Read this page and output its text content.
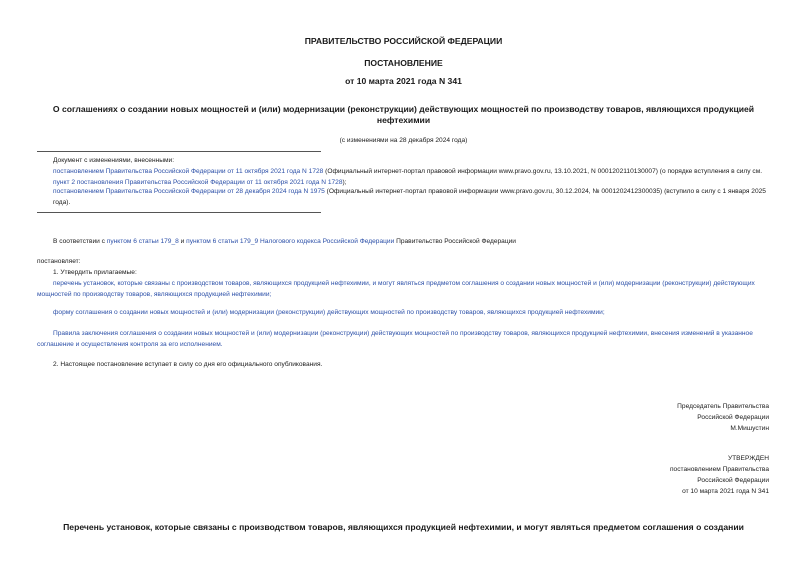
ПРАВИТЕЛЬСТВО РОССИЙСКОЙ ФЕДЕРАЦИИ
ПОСТАНОВЛЕНИЕ
от 10 марта 2021 года N 341
О соглашениях о создании новых мощностей и (или) модернизации (реконструкции) действующих мощностей по производству товаров, являющихся продукцией нефтехимии
(с изменениями на 28 декабря 2024 года)
Документ с изменениями, внесенными:
постановлением Правительства Российской Федерации от 11 октября 2021 года N 1728 (Официальный интернет-портал правовой информации www.pravo.gov.ru, 13.10.2021, N 0001202110130007) (о порядке вступления в силу см. пункт 2 постановления Правительства Российской Федерации от 11 октября 2021 года N 1728);
постановлением Правительства Российской Федерации от 28 декабря 2024 года N 1975 (Официальный интернет-портал правовой информации www.pravo.gov.ru, 30.12.2024, № 0001202412300035) (вступило в силу с 1 января 2025 года).
В соответствии с пунктом 6 статьи 179_8 и пунктом 6 статьи 179_9 Налогового кодекса Российской Федерации Правительство Российской Федерации
постановляет:
1. Утвердить прилагаемые:
перечень установок, которые связаны с производством товаров, являющихся продукцией нефтехимии, и могут являться предметом соглашения о создании новых мощностей и (или) модернизации (реконструкции) действующих мощностей по производству товаров, являющихся продукцией нефтехимии;
форму соглашения о создании новых мощностей и (или) модернизации (реконструкции) действующих мощностей по производству товаров, являющихся продукцией нефтехимии;
Правила заключения соглашения о создании новых мощностей и (или) модернизации (реконструкции) действующих мощностей по производству товаров, являющихся продукцией нефтехимии, внесения изменений в указанное соглашение и осуществления контроля за его исполнением.
2. Настоящее постановление вступает в силу со дня его официального опубликования.
Председатель Правительства
Российской Федерации
М.Мишустин
УТВЕРЖДЕН
постановлением Правительства
Российской Федерации
от 10 марта 2021 года N 341
Перечень установок, которые связаны с производством товаров, являющихся продукцией нефтехимии, и могут являться предметом соглашения о создании
